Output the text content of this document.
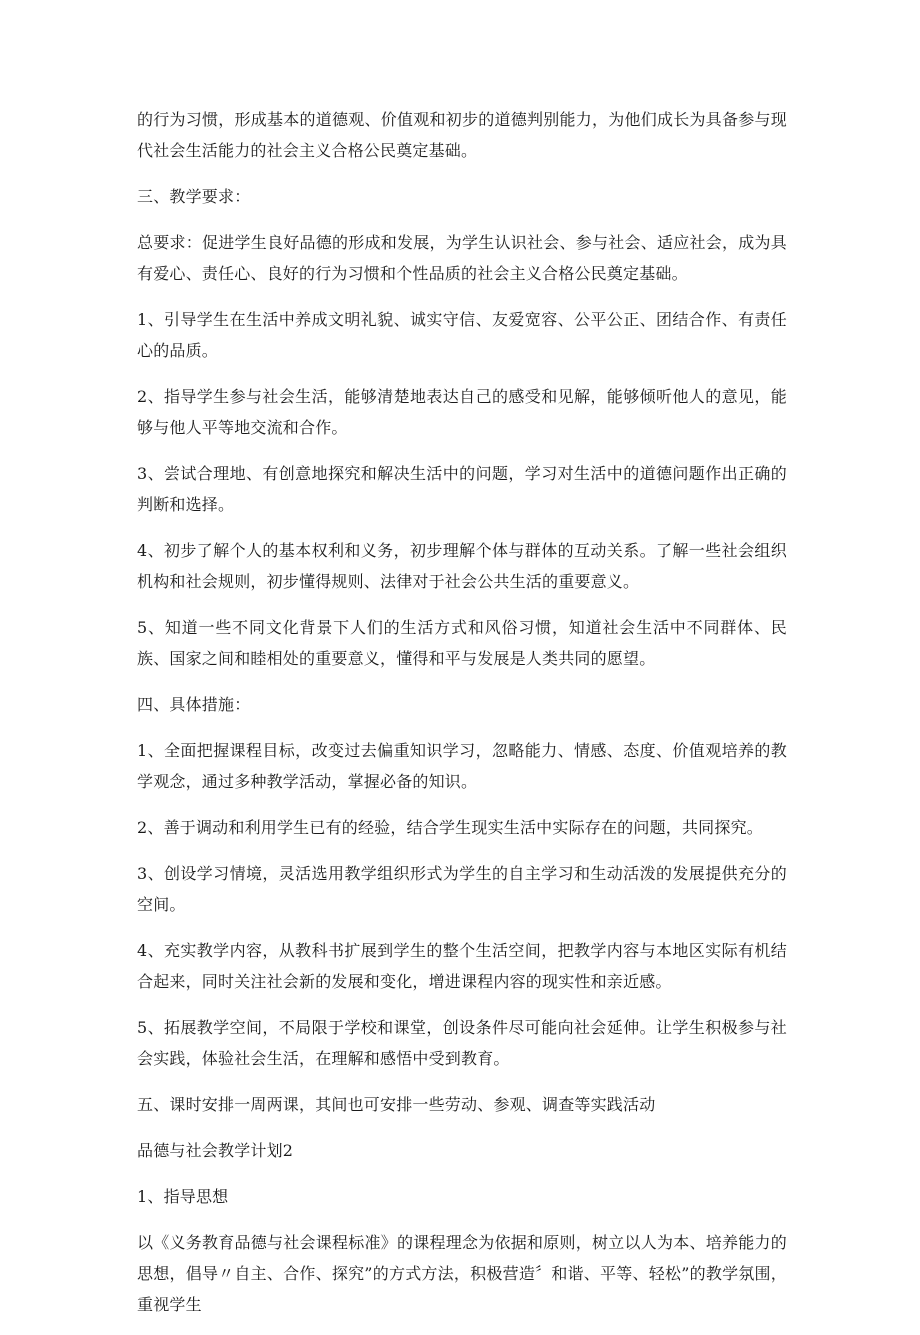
的行为习惯，形成基本的道德观、价值观和初步的道德判别能力，为他们成长为具备参与现代社会生活能力的社会主义合格公民奠定基础。

三、教学要求：

总要求：促进学生良好品德的形成和发展，为学生认识社会、参与社会、适应社会，成为具有爱心、责任心、良好的行为习惯和个性品质的社会主义合格公民奠定基础。

1、引导学生在生活中养成文明礼貌、诚实守信、友爱宽容、公平公正、团结合作、有责任心的品质。

2、指导学生参与社会生活，能够清楚地表达自己的感受和见解，能够倾听他人的意见，能够与他人平等地交流和合作。

3、尝试合理地、有创意地探究和解决生活中的问题，学习对生活中的道德问题作出正确的判断和选择。

4、初步了解个人的基本权利和义务，初步理解个体与群体的互动关系。了解一些社会组织机构和社会规则，初步懂得规则、法律对于社会公共生活的重要意义。

5、知道一些不同文化背景下人们的生活方式和风俗习惯，知道社会生活中不同群体、民族、国家之间和睦相处的重要意义，懂得和平与发展是人类共同的愿望。

四、具体措施：

1、全面把握课程目标，改变过去偏重知识学习，忽略能力、情感、态度、价值观培养的教学观念，通过多种教学活动，掌握必备的知识。

2、善于调动和利用学生已有的经验，结合学生现实生活中实际存在的问题，共同探究。

3、创设学习情境，灵活选用教学组织形式为学生的自主学习和生动活泼的发展提供充分的空间。

4、充实教学内容，从教科书扩展到学生的整个生活空间，把教学内容与本地区实际有机结合起来，同时关注社会新的发展和变化，增进课程内容的现实性和亲近感。

5、拓展教学空间，不局限于学校和课堂，创设条件尽可能向社会延伸。让学生积极参与社会实践，体验社会生活，在理解和感悟中受到教育。

五、课时安排一周两课，其间也可安排一些劳动、参观、调查等实践活动

品德与社会教学计划2

1、指导思想

以《义务教育品德与社会课程标准》的课程理念为依据和原则，树立以人为本、培养能力的思想，倡导〃自主、合作、探究”的方式方法，积极营造〞和谐、平等、轻松”的教学氛围，重视学生
